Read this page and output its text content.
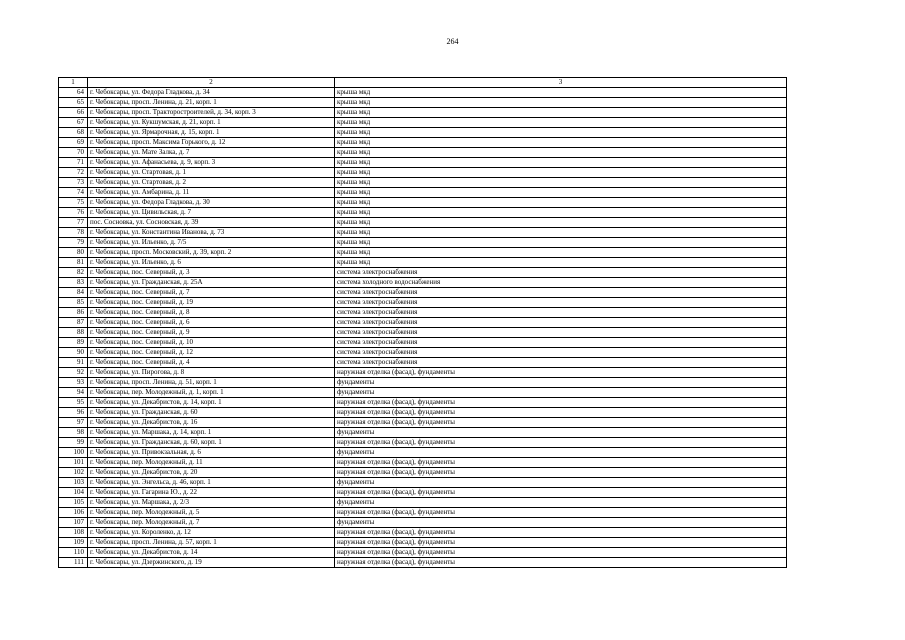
264
1	2	3
64	г. Чебоксары, ул. Федора Гладкова, д. 34	крыша мкд
65	г. Чебоксары, просп. Ленина, д. 21, корп. 1	крыша мкд
66	г. Чебоксары, просп. Тракторостроителей, д. 34, корп. 3	крыша мкд
67	г. Чебоксары, ул. Кукшумская, д. 21, корп. 1	крыша мкд
68	г. Чебоксары, ул. Ярмарочная, д. 15, корп. 1	крыша мкд
69	г. Чебоксары, просп. Максима Горького, д. 12	крыша мкд
70	г. Чебоксары, ул. Мате Залка, д. 7	крыша мкд
71	г. Чебоксары, ул. Афанасьева, д. 9, корп. 3	крыша мкд
72	г. Чебоксары, ул. Стартовая, д. 1	крыша мкд
73	г. Чебоксары, ул. Стартовая, д. 2	крыша мкд
74	г. Чебоксары, ул. Амбарина, д. 11	крыша мкд
75	г. Чебоксары, ул. Федора Гладкова, д. 30	крыша мкд
76	г. Чебоксары, ул. Цивильская, д. 7	крыша мкд
77	пос. Сосновка, ул. Сосновская, д. 39	крыша мкд
78	г. Чебоксары, ул. Константина Иванова, д. 73	крыша мкд
79	г. Чебоксары, ул. Ильенко, д. 7/5	крыша мкд
80	г. Чебоксары, просп. Московский, д. 39, корп. 2	крыша мкд
81	г. Чебоксары, ул. Ильенко, д. 6	крыша мкд
82	г. Чебоксары, пос. Северный, д. 3	система электроснабжения
83	г. Чебоксары, ул. Гражданская, д. 25А	система холодного водоснабжения
84	г. Чебоксары, пос. Северный, д. 7	система электроснабжения
85	г. Чебоксары, пос. Северный, д. 19	система электроснабжения
86	г. Чебоксары, пос. Северный, д. 8	система электроснабжения
87	г. Чебоксары, пос. Северный, д. 6	система электроснабжения
88	г. Чебоксары, пос. Северный, д. 9	система электроснабжения
89	г. Чебоксары, пос. Северный, д. 10	система электроснабжения
90	г. Чебоксары, пос. Северный, д. 12	система электроснабжения
91	г. Чебоксары, пос. Северный, д. 4	система электроснабжения
92	г. Чебоксары, ул. Пирогова, д. 8	наружная отделка (фасад), фундаменты
93	г. Чебоксары, просп. Ленина, д. 51, корп. 1	фундаменты
94	г. Чебоксары, пер. Молодежный, д. 1, корп. 1	фундаменты
95	г. Чебоксары, ул. Декабристов, д. 14, корп. 1	наружная отделка (фасад), фундаменты
96	г. Чебоксары, ул. Гражданская, д. 60	наружная отделка (фасад), фундаменты
97	г. Чебоксары, ул. Декабристов, д. 16	наружная отделка (фасад), фундаменты
98	г. Чебоксары, ул. Маршака, д. 14, корп. 1	фундаменты
99	г. Чебоксары, ул. Гражданская, д. 60, корп. 1	наружная отделка (фасад), фундаменты
100	г. Чебоксары, ул. Привокзальная, д. 6	фундаменты
101	г. Чебоксары, пер. Молодежный, д. 11	наружная отделка (фасад), фундаменты
102	г. Чебоксары, ул. Декабристов, д. 20	наружная отделка (фасад), фундаменты
103	г. Чебоксары, ул. Энгельса, д. 46, корп. 1	фундаменты
104	г. Чебоксары, ул. Гагарина Ю., д. 22	наружная отделка (фасад), фундаменты
105	г. Чебоксары, ул. Маршака, д. 2/3	фундаменты
106	г. Чебоксары, пер. Молодежный, д. 5	наружная отделка (фасад), фундаменты
107	г. Чебоксары, пер. Молодежный, д. 7	фундаменты
108	г. Чебоксары, ул. Короленко, д. 12	наружная отделка (фасад), фундаменты
109	г. Чебоксары, просп. Ленина, д. 57, корп. 1	наружная отделка (фасад), фундаменты
110	г. Чебоксары, ул. Декабристов, д. 14	наружная отделка (фасад), фундаменты
111	г. Чебоксары, ул. Дзержинского, д. 19	наружная отделка (фасад), фундаменты
